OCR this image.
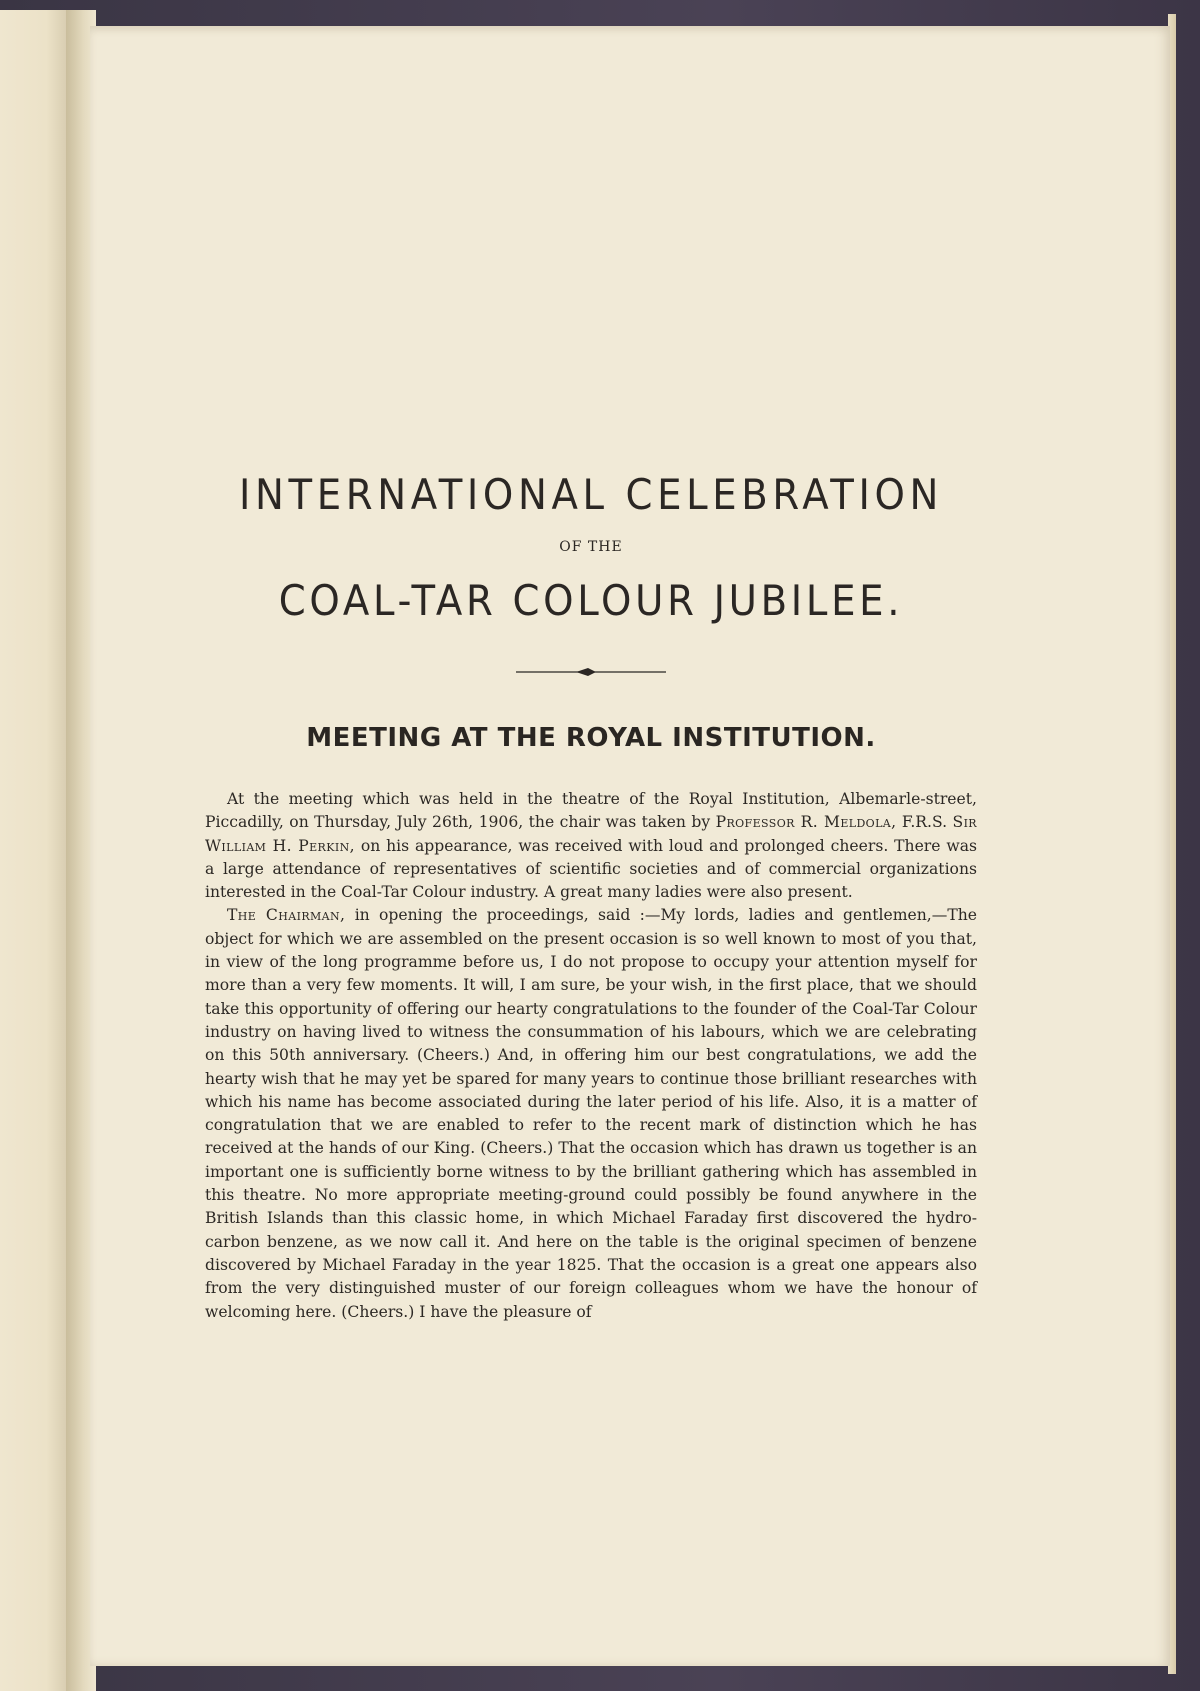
INTERNATIONAL CELEBRATION
OF THE
COAL-TAR COLOUR JUBILEE.
MEETING AT THE ROYAL INSTITUTION.

At the meeting which was held in the theatre of the Royal Institution, Albemarle-street, Piccadilly, on Thursday, July 26th, 1906, the chair was taken by Professor R. Meldola, F.R.S. Sir William H. Perkin, on his appearance, was received with loud and prolonged cheers. There was a large attendance of representatives of scientific societies and of commercial organizations interested in the Coal-Tar Colour industry. A great many ladies were also present.

The Chairman, in opening the proceedings, said :—My lords, ladies and gentlemen,—The object for which we are assembled on the present occasion is so well known to most of you that, in view of the long programme before us, I do not propose to occupy your attention myself for more than a very few moments. It will, I am sure, be your wish, in the first place, that we should take this opportunity of offering our hearty congratulations to the founder of the Coal-Tar Colour industry on having lived to witness the consummation of his labours, which we are celebrating on this 50th anniversary. (Cheers.) And, in offering him our best congratulations, we add the hearty wish that he may yet be spared for many years to continue those brilliant researches with which his name has become associated during the later period of his life. Also, it is a matter of congratulation that we are enabled to refer to the recent mark of distinction which he has received at the hands of our King. (Cheers.) That the occasion which has drawn us together is an important one is sufficiently borne witness to by the brilliant gathering which has assembled in this theatre. No more appropriate meeting-ground could possibly be found anywhere in the British Islands than this classic home, in which Michael Faraday first discovered the hydro-carbon benzene, as we now call it. And here on the table is the original specimen of benzene discovered by Michael Faraday in the year 1825. That the occasion is a great one appears also from the very distinguished muster of our foreign colleagues whom we have the honour of welcoming here. (Cheers.) I have the pleasure of
